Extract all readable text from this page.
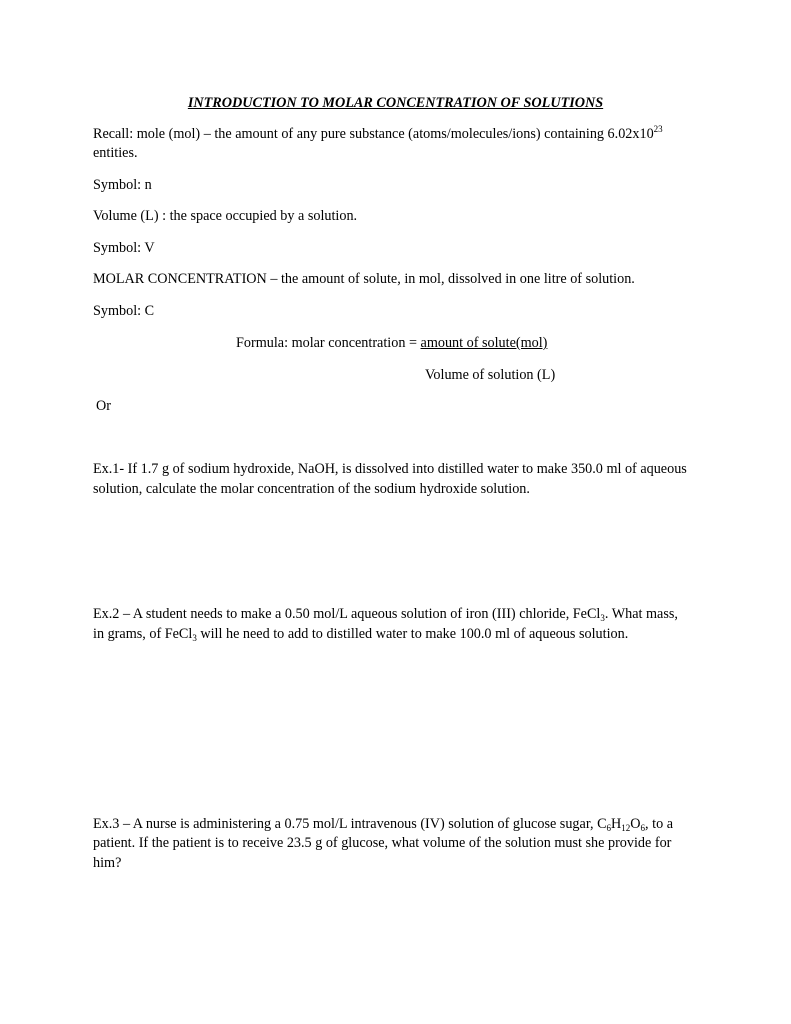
INTRODUCTION TO MOLAR CONCENTRATION OF SOLUTIONS
Recall: mole (mol) – the amount of any pure substance (atoms/molecules/ions) containing $6.02x10^{23}$
entities.
Symbol: n
Volume (L) : the space occupied by a solution.
Symbol: V
MOLAR CONCENTRATION – the amount of solute, in mol, dissolved in one litre of solution.
Symbol: C
Formula: molar concentration = amount of solute(mol)
Volume of solution (L)
Or
Ex.1- If 1.7 g of sodium hydroxide, NaOH, is dissolved into distilled water to make 350.0 ml of aqueous
solution, calculate the molar concentration of the sodium hydroxide solution.
Ex.2 – A student needs to make a 0.50 mol/L aqueous solution of iron (III) chloride, FeCl$_3$. What mass,
in grams, of FeCl$_3$ will he need to add to distilled water to make 100.0 ml of aqueous solution.
Ex.3 – A nurse is administering a 0.75 mol/L intravenous (IV) solution of glucose sugar, $C_6H_{12}O_6$, to a
patient. If the patient is to receive 23.5 g of glucose, what volume of the solution must she provide for
him?
